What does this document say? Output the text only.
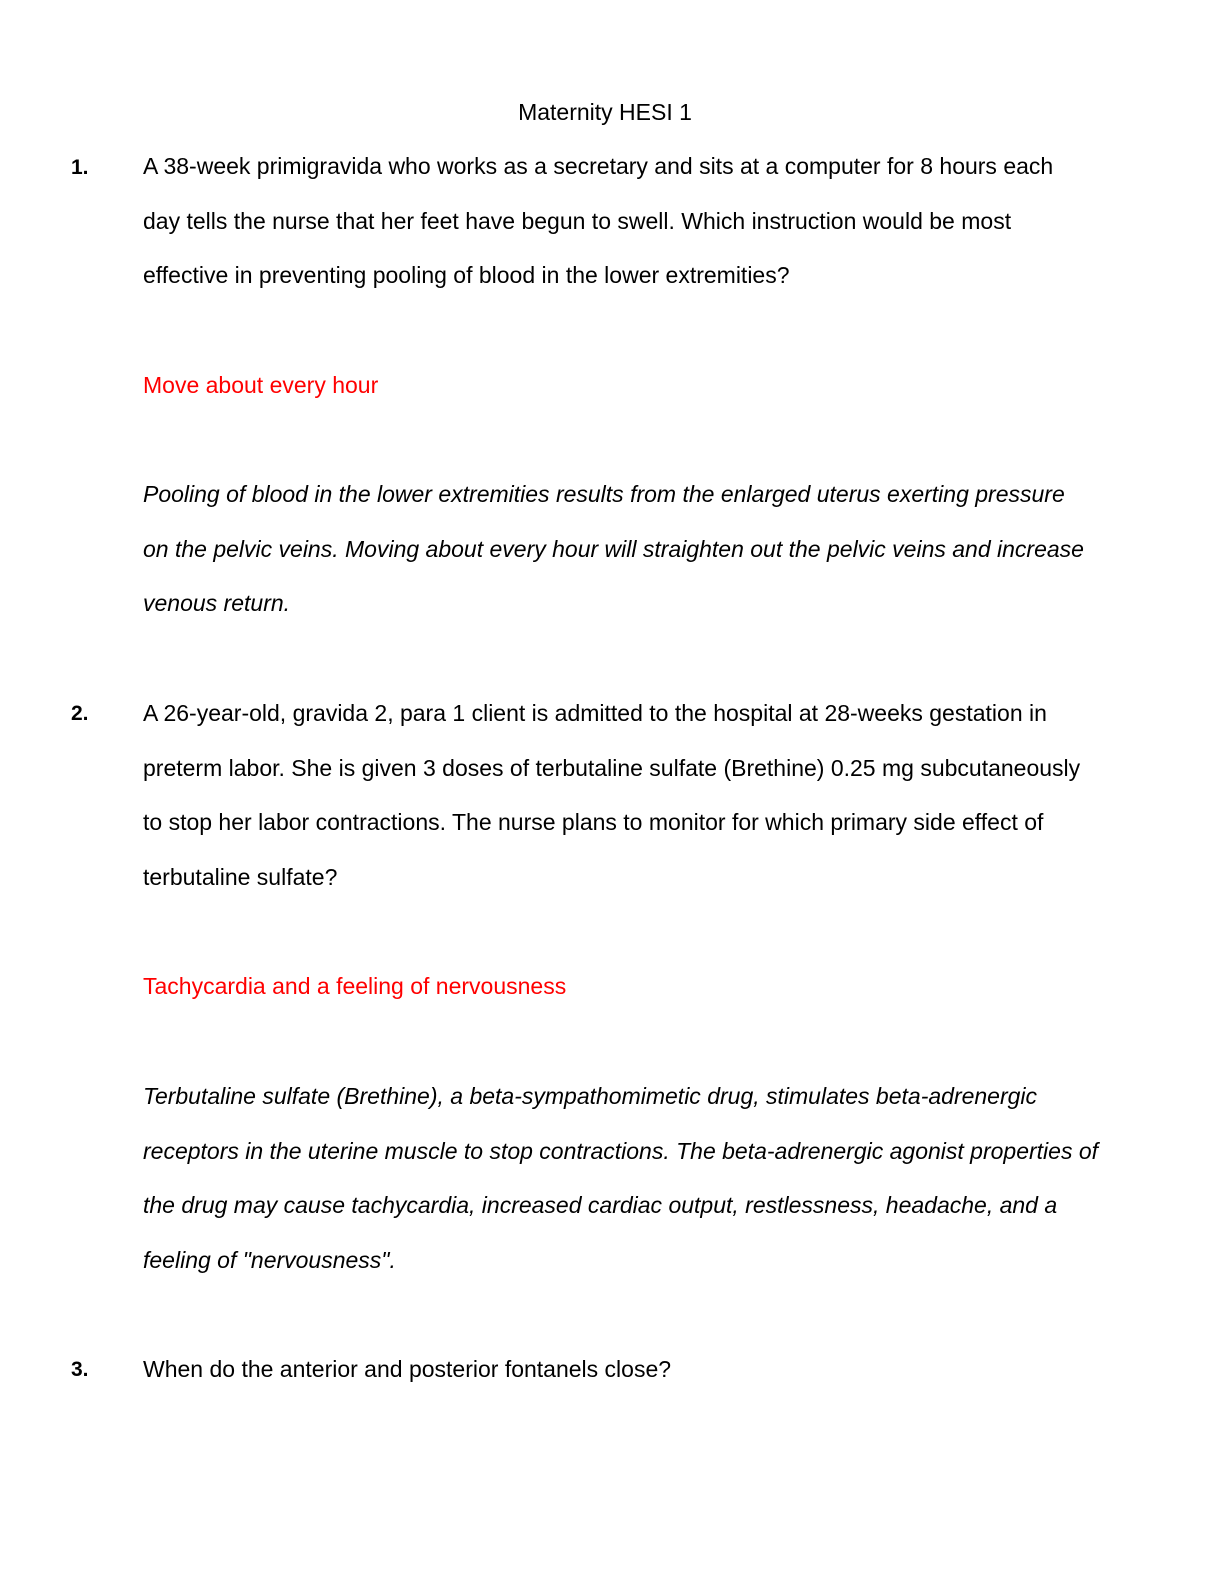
Maternity HESI 1
1. A 38-week primigravida who works as a secretary and sits at a computer for 8 hours each day tells the nurse that her feet have begun to swell. Which instruction would be most effective in preventing pooling of blood in the lower extremities?

Move about every hour

Pooling of blood in the lower extremities results from the enlarged uterus exerting pressure on the pelvic veins. Moving about every hour will straighten out the pelvic veins and increase venous return.

2. A 26-year-old, gravida 2, para 1 client is admitted to the hospital at 28-weeks gestation in preterm labor. She is given 3 doses of terbutaline sulfate (Brethine) 0.25 mg subcutaneously to stop her labor contractions. The nurse plans to monitor for which primary side effect of terbutaline sulfate?

Tachycardia and a feeling of nervousness

Terbutaline sulfate (Brethine), a beta-sympathomimetic drug, stimulates beta-adrenergic receptors in the uterine muscle to stop contractions. The beta-adrenergic agonist properties of the drug may cause tachycardia, increased cardiac output, restlessness, headache, and a feeling of "nervousness".

3. When do the anterior and posterior fontanels close?
